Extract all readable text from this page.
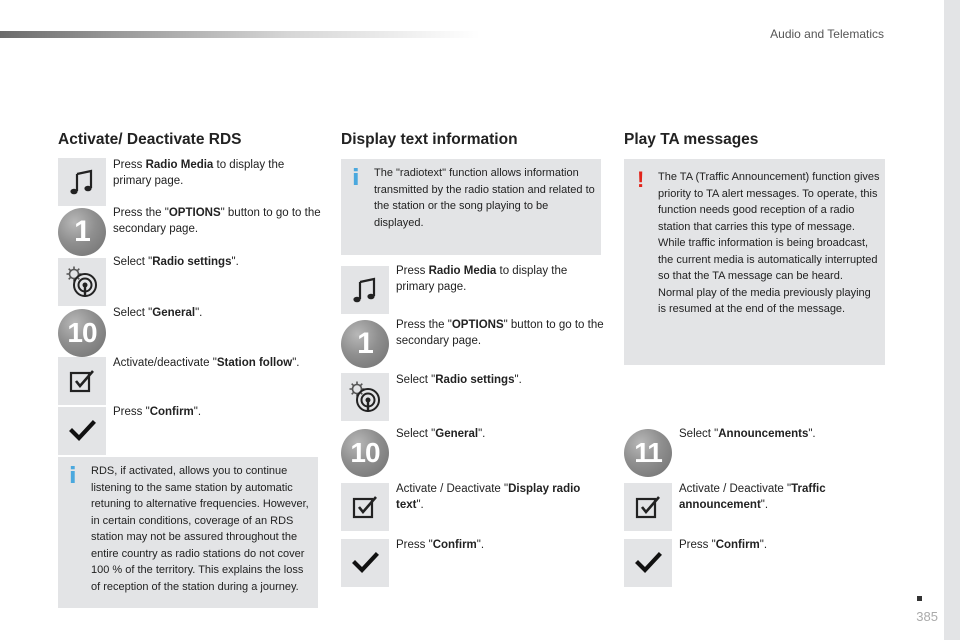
Audio and Telematics
Activate/ Deactivate RDS
Press Radio Media to display the primary page.
1
Press the "OPTIONS" button to go to the secondary page.
Select "Radio settings".
10
Select "General".
Activate/deactivate "Station follow".
Press "Confirm".
i RDS, if activated, allows you to continue listening to the same station by automatic retuning to alternative frequencies. However, in certain conditions, coverage of an RDS station may not be assured throughout the entire country as radio stations do not cover 100 % of the territory. This explains the loss of reception of the station during a journey.
Display text information
i The "radiotext" function allows information transmitted by the radio station and related to the station or the song playing to be displayed.
Press Radio Media to display the primary page.
1
Press the "OPTIONS" button to go to the secondary page.
Select "Radio settings".
10
Select "General".
Activate / Deactivate "Display radio text".
Press "Confirm".
Play TA messages
! The TA (Traffic Announcement) function gives priority to TA alert messages. To operate, this function needs good reception of a radio station that carries this type of message. While traffic information is being broadcast, the current media is automatically interrupted so that the TA message can be heard. Normal play of the media previously playing is resumed at the end of the message.
11
Select "Announcements".
Activate / Deactivate "Traffic announcement".
Press "Confirm".
385
